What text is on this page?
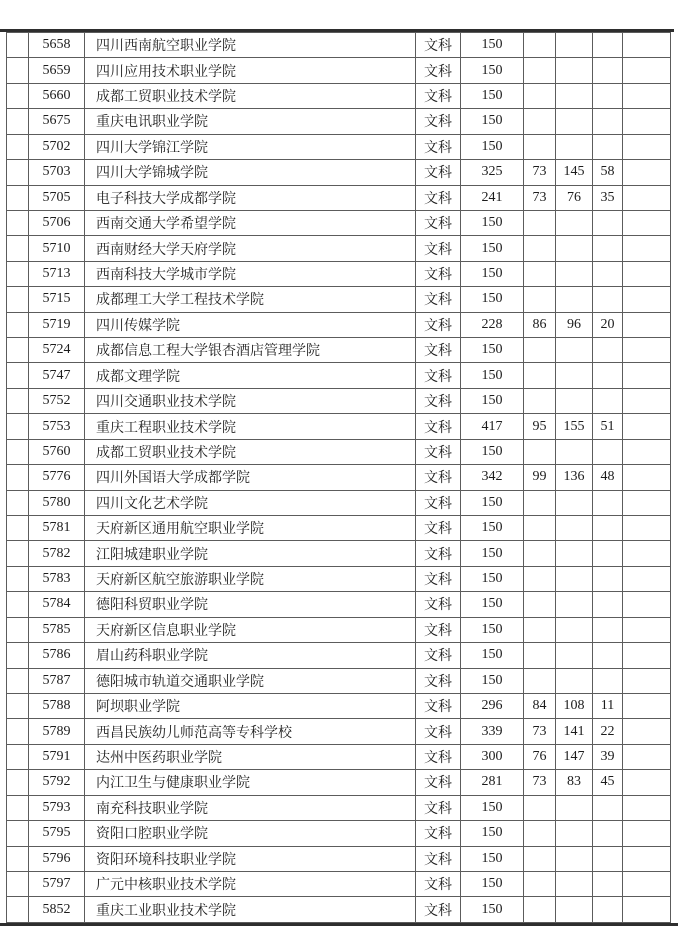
	5658	四川西南航空职业学院	文科	150				
	5659	四川应用技术职业学院	文科	150				
	5660	成都工贸职业技术学院	文科	150				
	5675	重庆电讯职业学院	文科	150				
	5702	四川大学锦江学院	文科	150				
	5703	四川大学锦城学院	文科	325	73	145	58	
	5705	电子科技大学成都学院	文科	241	73	76	35	
	5706	西南交通大学希望学院	文科	150				
	5710	西南财经大学天府学院	文科	150				
	5713	西南科技大学城市学院	文科	150				
	5715	成都理工大学工程技术学院	文科	150				
	5719	四川传媒学院	文科	228	86	96	20	
	5724	成都信息工程大学银杏酒店管理学院	文科	150				
	5747	成都文理学院	文科	150				
	5752	四川交通职业技术学院	文科	150				
	5753	重庆工程职业技术学院	文科	417	95	155	51	
	5760	成都工贸职业技术学院	文科	150				
	5776	四川外国语大学成都学院	文科	342	99	136	48	
	5780	四川文化艺术学院	文科	150				
	5781	天府新区通用航空职业学院	文科	150				
	5782	江阳城建职业学院	文科	150				
	5783	天府新区航空旅游职业学院	文科	150				
	5784	德阳科贸职业学院	文科	150				
	5785	天府新区信息职业学院	文科	150				
	5786	眉山药科职业学院	文科	150				
	5787	德阳城市轨道交通职业学院	文科	150				
	5788	阿坝职业学院	文科	296	84	108	11	
	5789	西昌民族幼儿师范高等专科学校	文科	339	73	141	22	
	5791	达州中医药职业学院	文科	300	76	147	39	
	5792	内江卫生与健康职业学院	文科	281	73	83	45	
	5793	南充科技职业学院	文科	150				
	5795	资阳口腔职业学院	文科	150				
	5796	资阳环境科技职业学院	文科	150				
	5797	广元中核职业技术学院	文科	150				
	5852	重庆工业职业技术学院	文科	150				
